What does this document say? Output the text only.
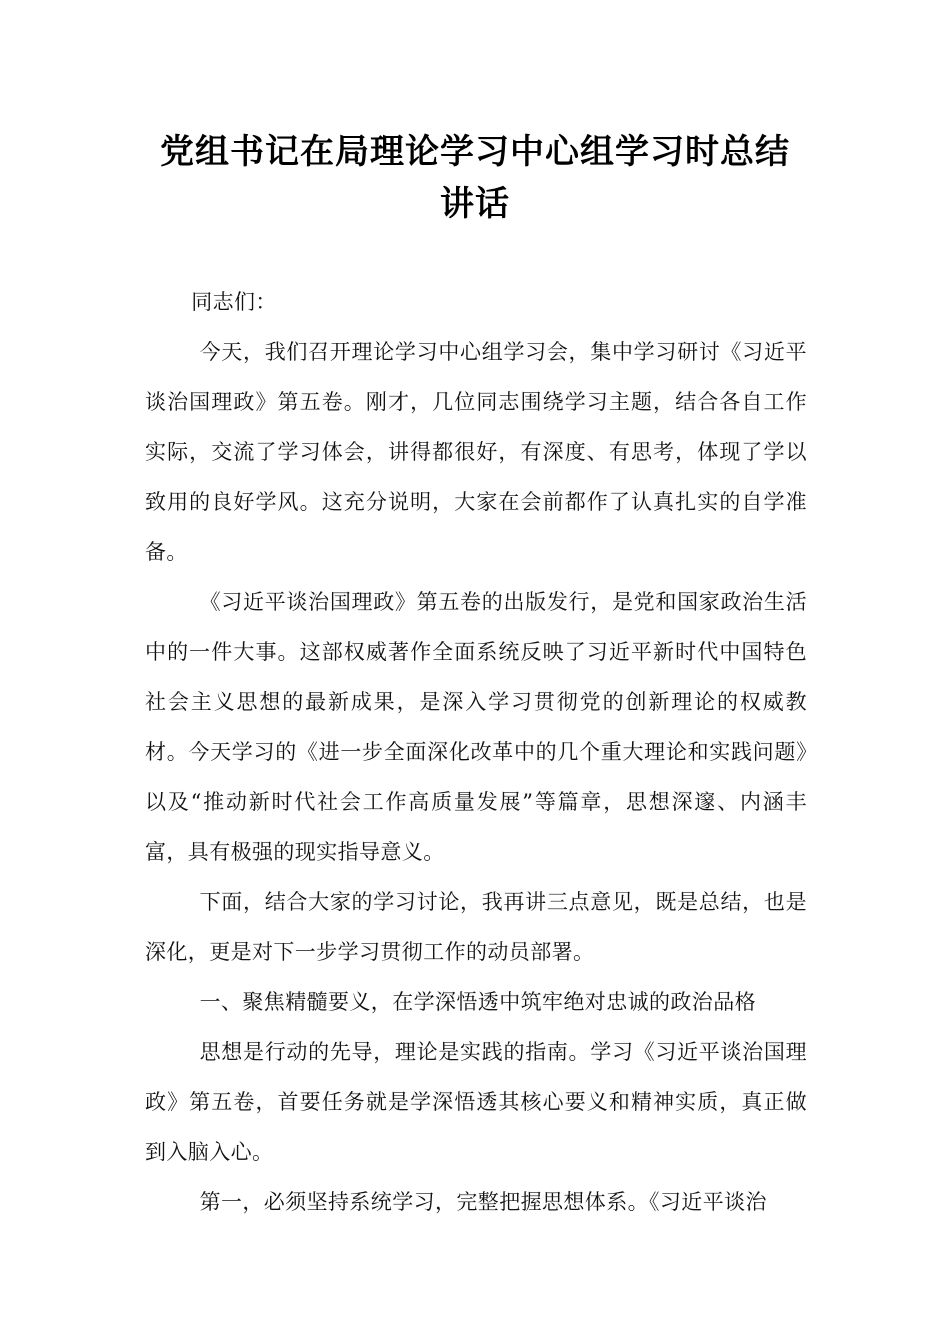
党组书记在局理论学习中心组学习时总结
讲话

同志们：

今天，我们召开理论学习中心组学习会，集中学习研讨《习近平谈治国理政》第五卷。刚才，几位同志围绕学习主题，结合各自工作实际，交流了学习体会，讲得都很好，有深度、有思考，体现了学以致用的良好学风。这充分说明，大家在会前都作了认真扎实的自学准备。

《习近平谈治国理政》第五卷的出版发行，是党和国家政治生活中的一件大事。这部权威著作全面系统反映了习近平新时代中国特色社会主义思想的最新成果，是深入学习贯彻党的创新理论的权威教材。今天学习的《进一步全面深化改革中的几个重大理论和实践问题》以及“推动新时代社会工作高质量发展”等篇章，思想深邃、内涵丰富，具有极强的现实指导意义。

下面，结合大家的学习讨论，我再讲三点意见，既是总结，也是深化，更是对下一步学习贯彻工作的动员部署。

一、聚焦精髓要义，在学深悟透中筑牢绝对忠诚的政治品格

思想是行动的先导，理论是实践的指南。学习《习近平谈治国理政》第五卷，首要任务就是学深悟透其核心要义和精神实质，真正做到入脑入心。

第一，必须坚持系统学习，完整把握思想体系。《习近平谈治
